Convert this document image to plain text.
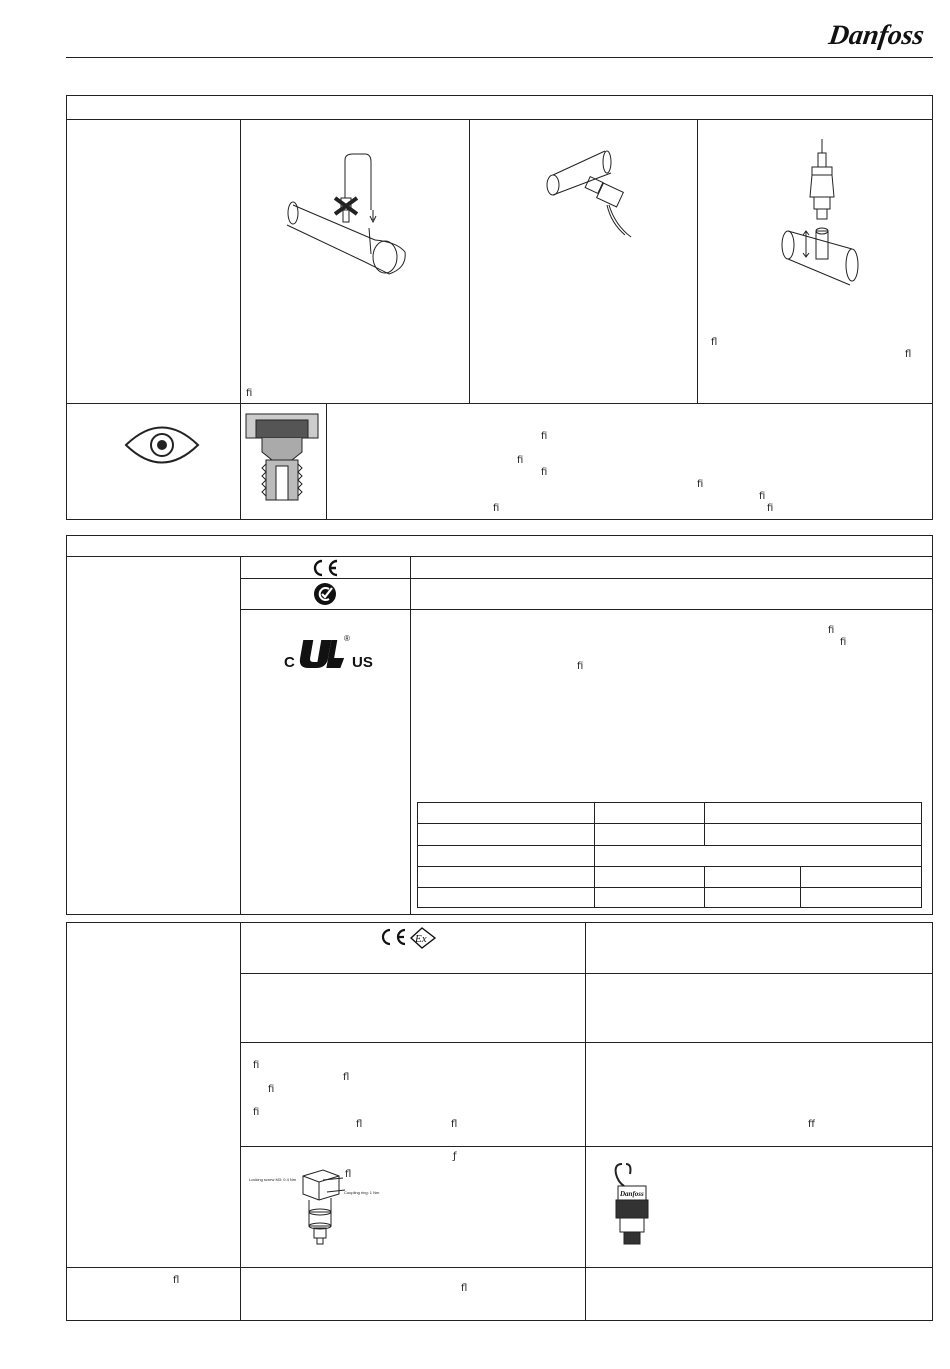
Danfoss
ﬁ
ﬂ
ﬂ
ﬁ
ﬁ
ﬁ
ﬁ
ﬁ
ﬁ	ﬁ
C	US
®
ﬁ
ﬁ
ﬁ
Ex
ﬁ
ﬂ
ﬁ
ﬁ
ﬂ	ﬂ	ﬀ
ƒ
ﬂ
Locking screw M3: 0.4 Nm
Coupling ring: 1 Nm	Danfoss
ﬂ
ﬂ
